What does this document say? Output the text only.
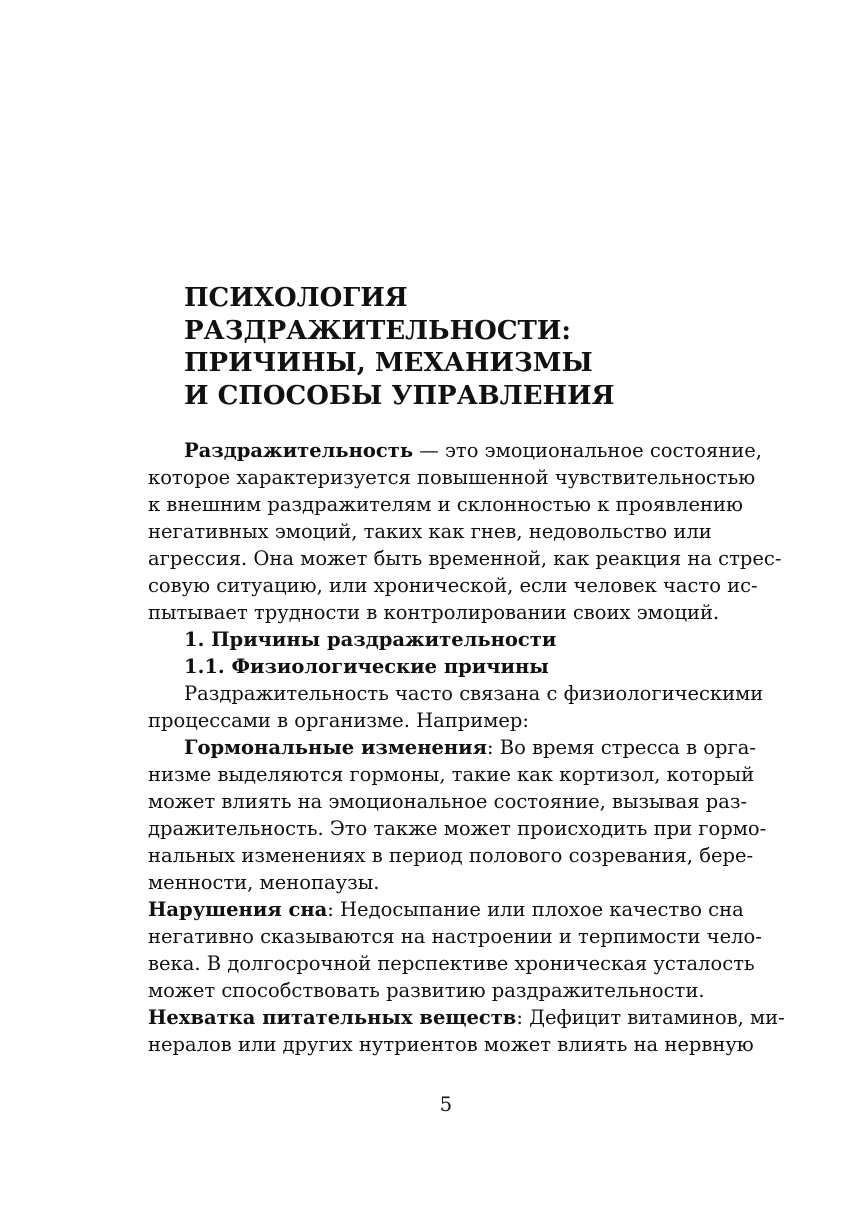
ПСИХОЛОГИЯ
РАЗДРАЖИТЕЛЬНОСТИ:
ПРИЧИНЫ, МЕХАНИЗМЫ
И СПОСОБЫ УПРАВЛЕНИЯ
Раздражительность — это эмоциональное состояние,
которое характеризуется повышенной чувствительностью
к внешним раздражителям и склонностью к проявлению
негативных эмоций, таких как гнев, недовольство или
агрессия. Она может быть временной, как реакция на стрес-
совую ситуацию, или хронической, если человек часто ис-
пытывает трудности в контролировании своих эмоций.
1. Причины раздражительности
1.1. Физиологические причины
Раздражительность часто связана с физиологическими
процессами в организме. Например:
Гормональные изменения: Во время стресса в орга-
низме выделяются гормоны, такие как кортизол, который
может влиять на эмоциональное состояние, вызывая раз-
дражительность. Это также может происходить при гормо-
нальных изменениях в период полового созревания, бере-
менности, менопаузы.
Нарушения сна: Недосыпание или плохое качество сна
негативно сказываются на настроении и терпимости чело-
века. В долгосрочной перспективе хроническая усталость
может способствовать развитию раздражительности.
Нехватка питательных веществ: Дефицит витаминов, ми-
нералов или других нутриентов может влиять на нервную
5
